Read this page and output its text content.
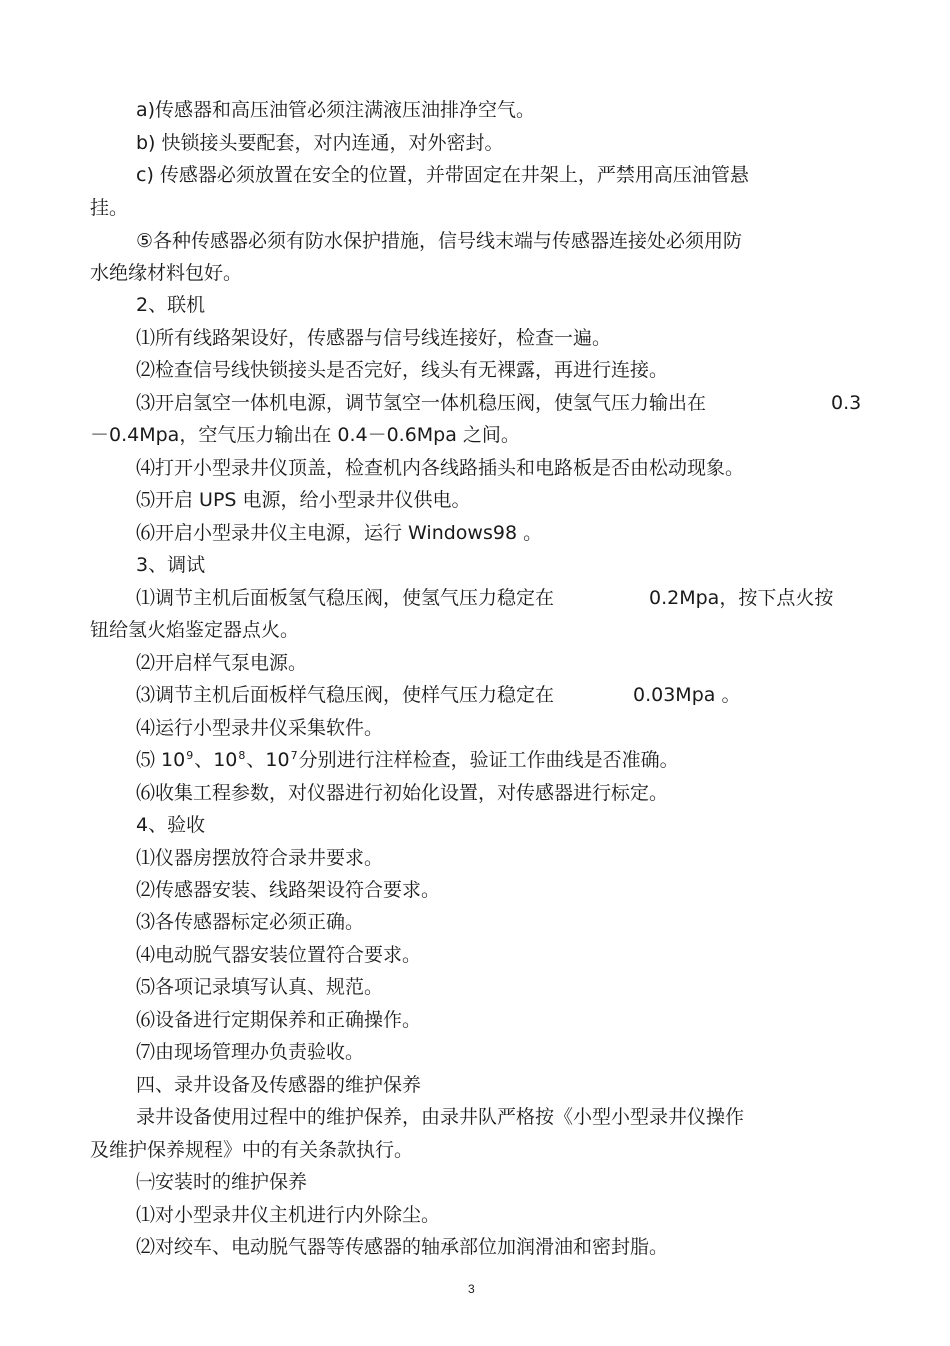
a)传感器和高压油管必须注满液压油排净空气。
b) 快锁接头要配套，对内连通，对外密封。
c) 传感器必须放置在安全的位置，并带固定在井架上，严禁用高压油管悬
挂。
⑤各种传感器必须有防水保护措施，信号线末端与传感器连接处必须用防
水绝缘材料包好。
2、联机
⑴所有线路架设好，传感器与信号线连接好，检查一遍。
⑵检查信号线快锁接头是否完好，线头有无裸露，再进行连接。
⑶开启氢空一体机电源，调节氢空一体机稳压阀，使氢气压力输出在	0.3
－0.4Mpa，空气压力输出在 0.4－0.6Mpa 之间。
⑷打开小型录井仪顶盖，检查机内各线路插头和电路板是否由松动现象。
⑸开启 UPS 电源，给小型录井仪供电。
⑹开启小型录井仪主电源，运行 Windows98 。
3、调试
⑴调节主机后面板氢气稳压阀，使氢气压力稳定在	0.2Mpa，按下点火按
钮给氢火焰鉴定器点火。
⑵开启样气泵电源。
⑶调节主机后面板样气稳压阀，使样气压力稳定在	0.03Mpa 。
⑷运行小型录井仪采集软件。
⑸ $10^9$、$10^8$、$10^7$分别进行注样检查，验证工作曲线是否准确。
⑹收集工程参数，对仪器进行初始化设置，对传感器进行标定。
4、验收
⑴仪器房摆放符合录井要求。
⑵传感器安装、线路架设符合要求。
⑶各传感器标定必须正确。
⑷电动脱气器安装位置符合要求。
⑸各项记录填写认真、规范。
⑹设备进行定期保养和正确操作。
⑺由现场管理办负责验收。
四、录井设备及传感器的维护保养
录井设备使用过程中的维护保养，由录井队严格按《小型小型录井仪操作
及维护保养规程》中的有关条款执行。
㈠安装时的维护保养
⑴对小型录井仪主机进行内外除尘。
⑵对绞车、电动脱气器等传感器的轴承部位加润滑油和密封脂。
3
